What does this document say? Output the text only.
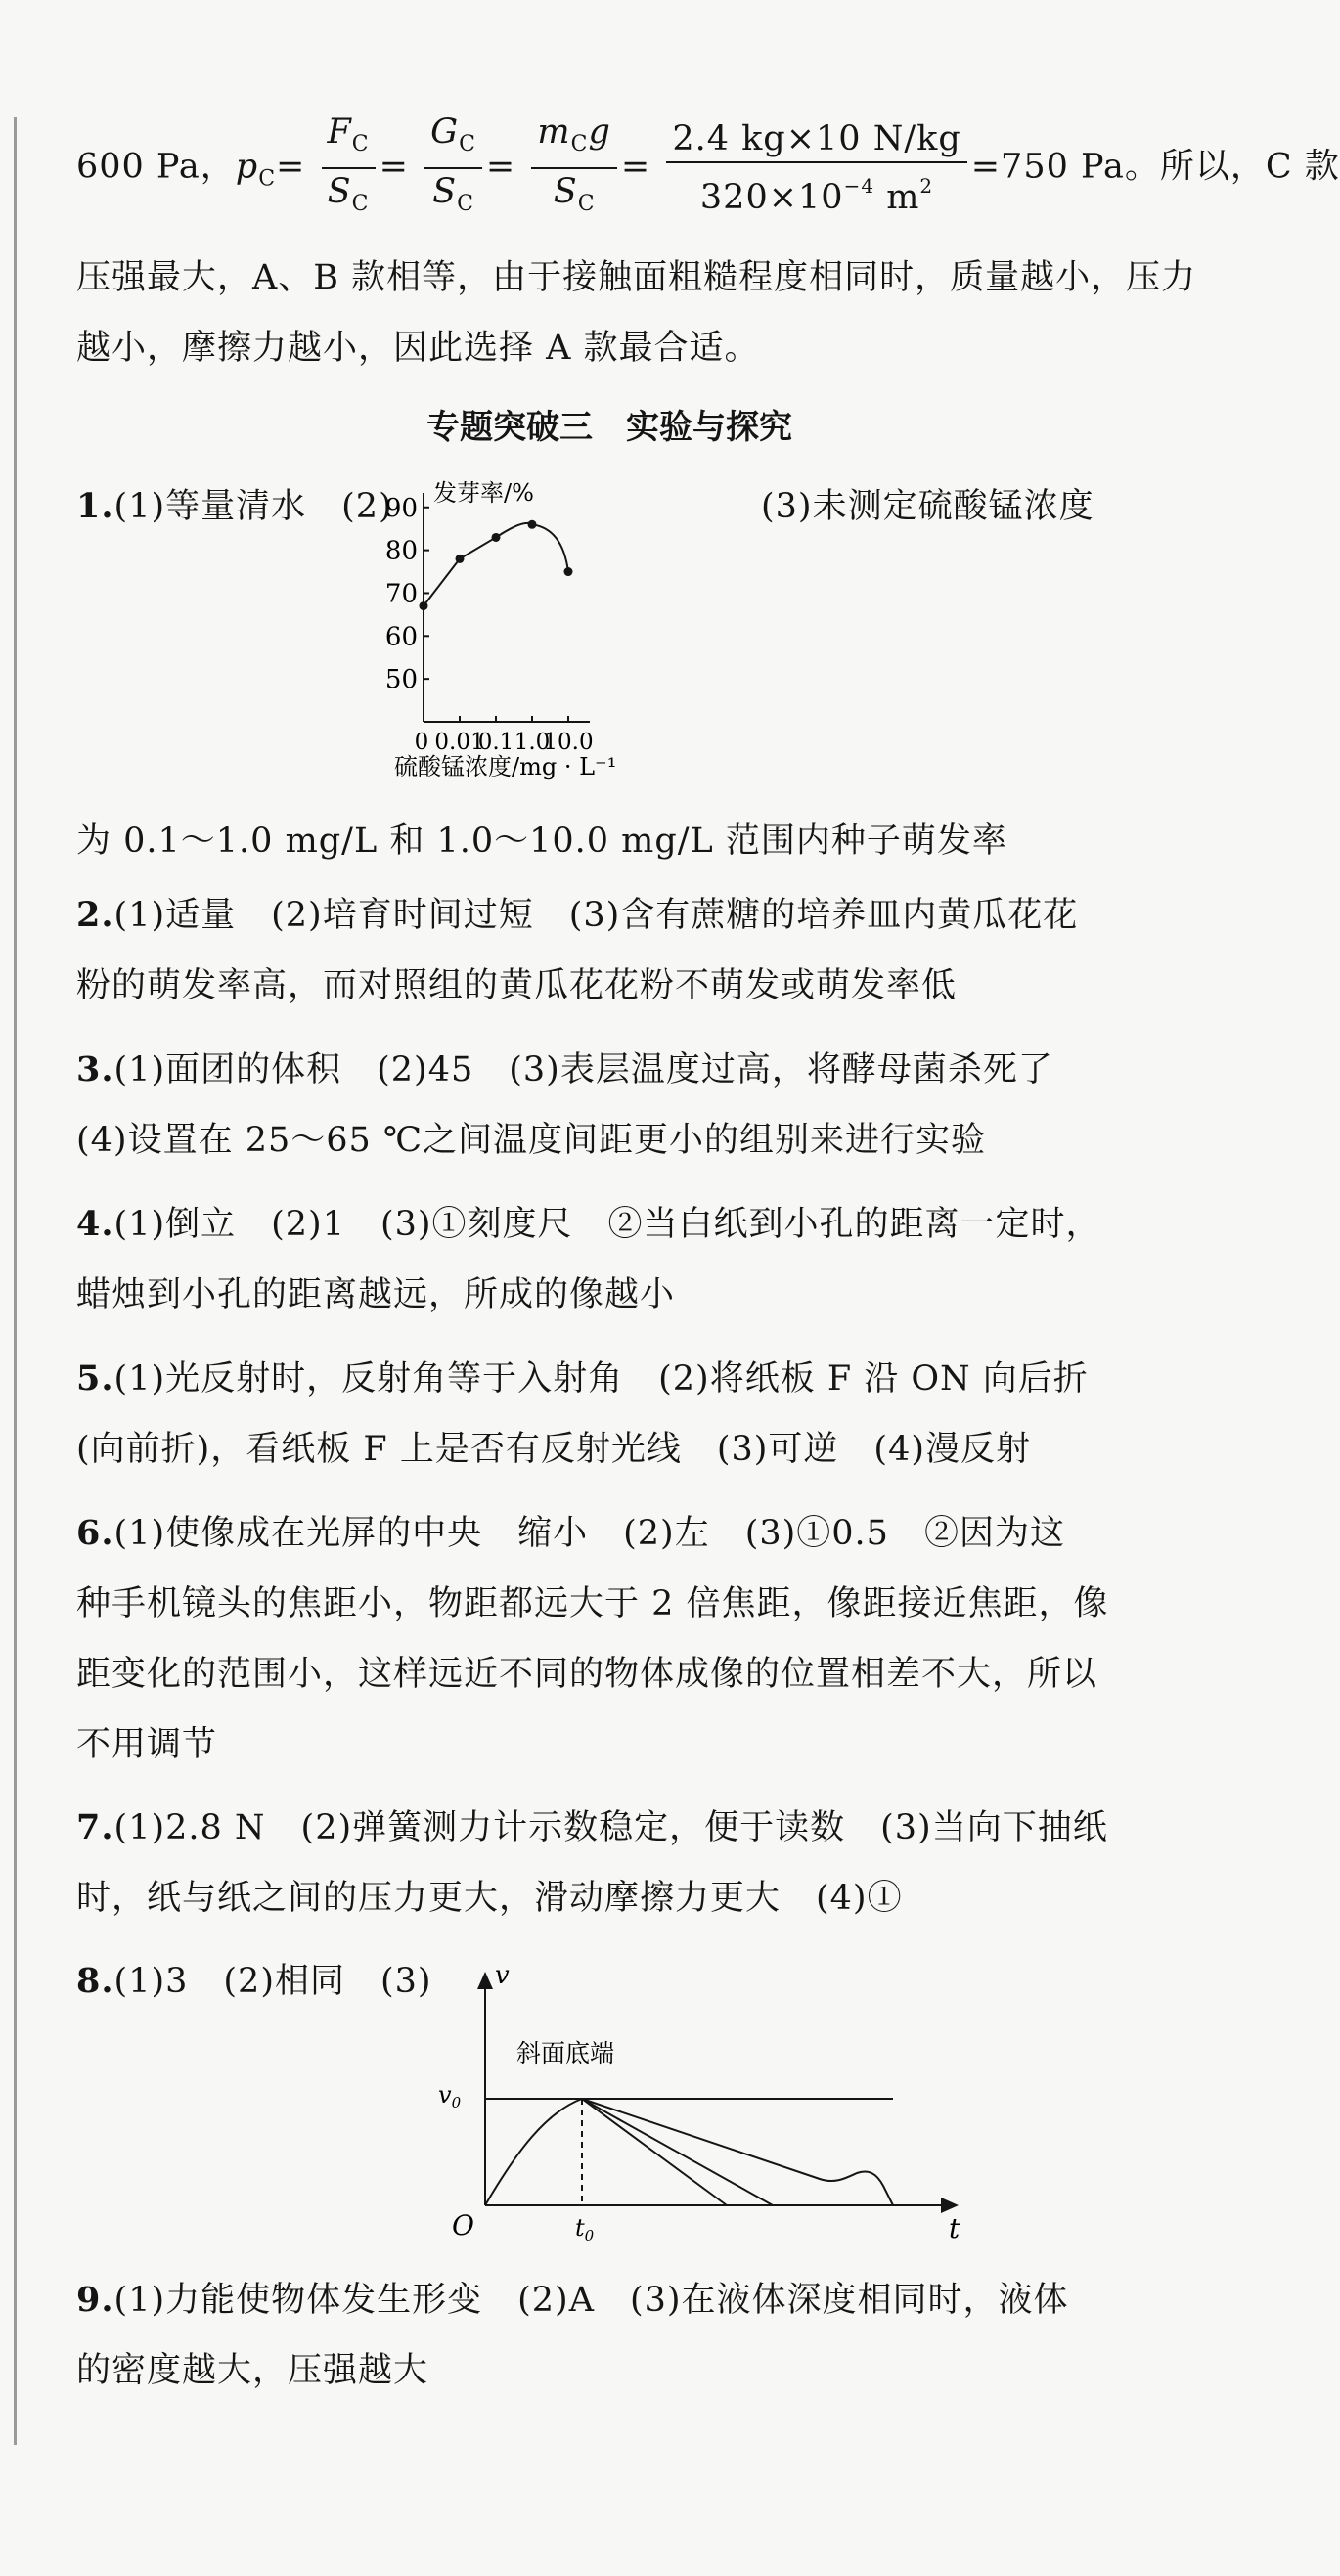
600 Pa，$p_C= \frac{F_C}{S_C} = \frac{G_C}{S_C} = \frac{m_Cg}{S_C} = \frac{2.4 kg\times 10 N/kg}{320\times 10^{-4} m^2} =750$ Pa。所以，C 款
压强最大，A、B 款相等，由于接触面粗糙程度相同时，质量越小，压力
越小，摩擦力越小，因此选择 A 款最合适。
专题突破三　实验与探究
1.(1)等量清水　(2)	(3)未测定硫酸锰浓度
发芽率/%
硫酸锰浓度/mg · L⁻¹
50
60
70
80
90
0.01
0.1 1.0
10.0
0
为 0.1～1.0 mg/L 和 1.0～10.0 mg/L 范围内种子萌发率
2.(1)适量　(2)培育时间过短　(3)含有蔗糖的培养皿内黄瓜花花
粉的萌发率高，而对照组的黄瓜花花粉不萌发或萌发率低
3.(1)面团的体积　(2)45　(3)表层温度过高，将酵母菌杀死了
(4)设置在 25～65 ℃之间温度间距更小的组别来进行实验
4.(1)倒立　(2)1　(3)①刻度尺　②当白纸到小孔的距离一定时，
蜡烛到小孔的距离越远，所成的像越小
5.(1)光反射时，反射角等于入射角　(2)将纸板 F 沿 ON 向后折
(向前折)，看纸板 F 上是否有反射光线　(3)可逆　(4)漫反射
6.(1)使像成在光屏的中央　缩小　(2)左　(3)①0.5　②因为这
种手机镜头的焦距小，物距都远大于 2 倍焦距，像距接近焦距，像
距变化的范围小，这样远近不同的物体成像的位置相差不大，所以
不用调节
7.(1)2.8 N　(2)弹簧测力计示数稳定，便于读数　(3)当向下抽纸
时，纸与纸之间的压力更大，滑动摩擦力更大　(4)①
8.(1)3　(2)相同　(3) v
t
O
$v_0$
$t_0$
斜面底端
9.(1)力能使物体发生形变　(2)A　(3)在液体深度相同时，液体
的密度越大，压强越大
